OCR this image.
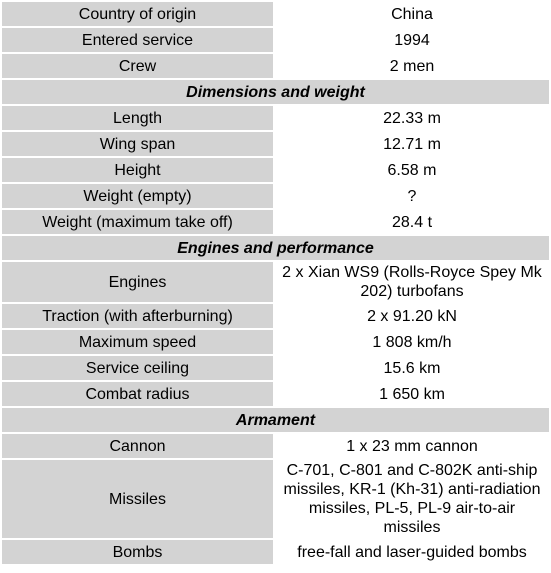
Country of origin	China
Entered service	1994
Crew	2 men
Dimensions and weight	
Length	22.33 m
Wing span	12.71 m
Height	6.58 m
Weight (empty)	?
Weight (maximum take off)	28.4 t
Engines and performance	
Engines	2 x Xian WS9 (Rolls-Royce Spey Mk 202) turbofans
Traction (with afterburning)	2 x 91.20 kN
Maximum speed	1 808 km/h
Service ceiling	15.6 km
Combat radius	1 650 km
Armament	
Cannon	1 x 23 mm cannon
Missiles	C-701, C-801 and C-802K anti-ship missiles, KR-1 (Kh-31) anti-radiation missiles, PL-5, PL-9 air-to-air missiles
Bombs	free-fall and laser-guided bombs
